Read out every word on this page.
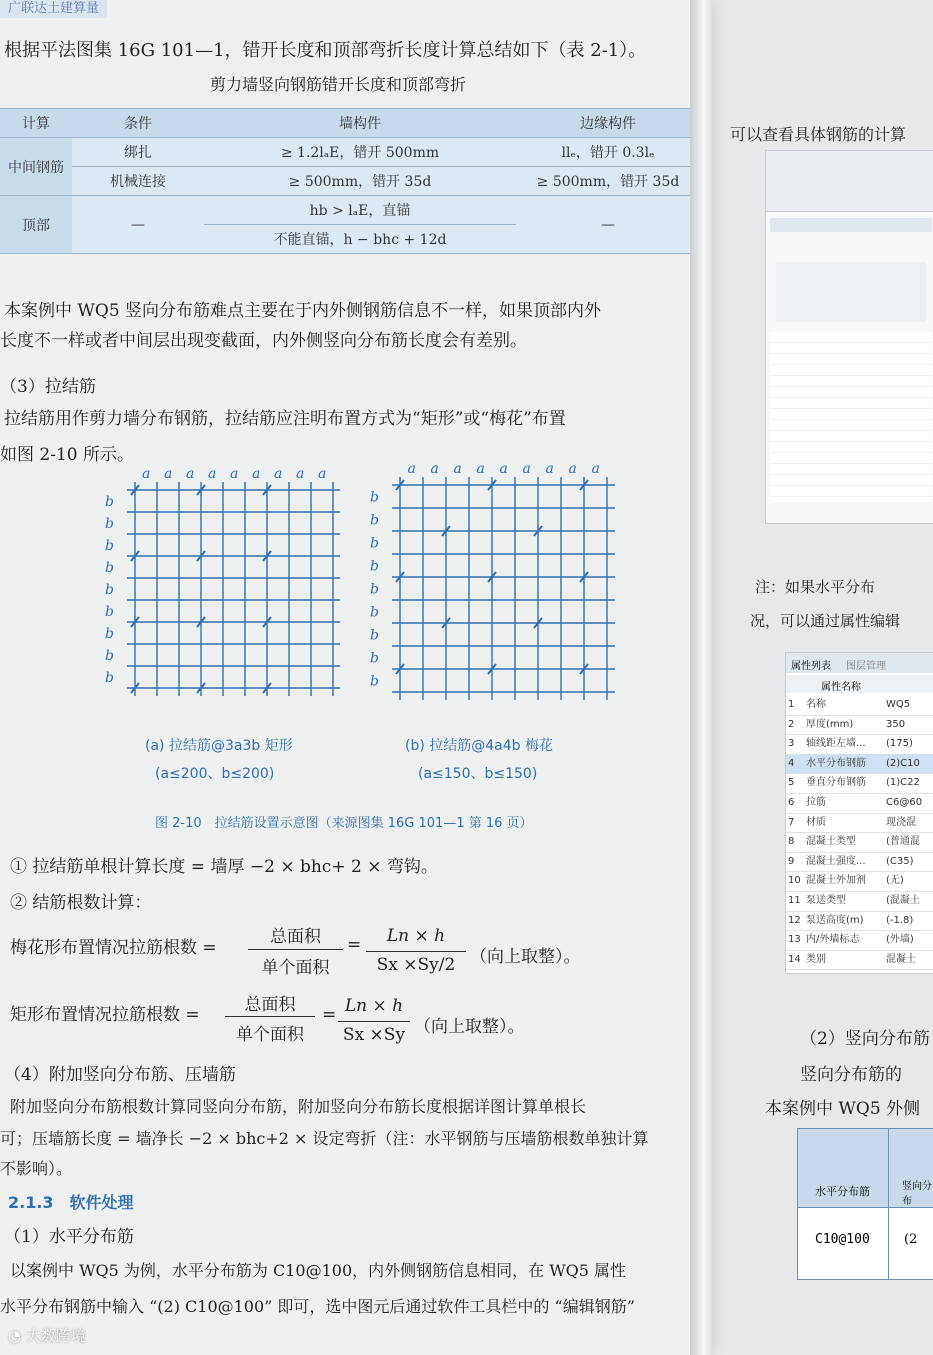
可以查看具体钢筋的计算
注：如果水平分布
况，可以通过属性编辑
属性列表 图层管理
属性名称
1 名称	WQ5
2 厚度(mm)	350
3 轴线距左墙... (175)
4 水平分布钢筋 (2)C10
5 垂直分布钢筋 (1)C22
6 拉筋	C6@60
7 材质	现浇混
8 混凝土类型	(普通混
9 混凝土强度... (C35)
10 混凝土外加剂 (无)
11 泵送类型	(混凝土
12 泵送高度(m) (-1.8)
13 内/外墙标志	(外墙)
14 类别	混凝土
（2）竖向分布筋
竖向分布筋的
本案例中 WQ5 外侧
水平分布筋	竖向分布
C10@100	(2
广联达土建算量
根据平法图集 16G 101—1，错开长度和顶部弯折长度计算总结如下（表 2-1）。
剪力墙竖向钢筋错开长度和顶部弯折
计算	条件	墙构件	边缘构件
中间钢筋	绑扎	≥ 1.2lₐE，错开 500mm	llₑ，错开 0.3lₑ
	机械连接	≥ 500mm，错开 35d	≥ 500mm，错开 35d
顶部	—	hb > lₐE，直锚	—
		不能直锚，h − bhc + 12d	
本案例中 WQ5 竖向分布筋难点主要在于内外侧钢筋信息不一样，如果顶部内外
长度不一样或者中间层出现变截面，内外侧竖向分布筋长度会有差别。
（3）拉结筋
拉结筋用作剪力墙分布钢筋，拉结筋应注明布置方式为“矩形”或“梅花”布置
如图 2-10 所示。
a
b
a
b
a
b
a
b
a
b
a
b
a
b
a
b
a
b
a
b
a
b
a
b
a
b
a
b
a
b
a
b
a
b
a
b
(a) 拉结筋@3a3b 矩形
(a≤200、b≤200)
(b) 拉结筋@4a4b 梅花
(a≤150、b≤150)
图 2-10　拉结筋设置示意图（来源图集 16G 101—1 第 16 页）
① 拉结筋单根计算长度 = 墙厚 −2 × bhc+ 2 × 弯钩。
② 结筋根数计算：
梅花形布置情况拉筋根数 =
总面积
单个面积
=	Ln × h
Sx ×Sy/2 （向上取整）。
矩形布置情况拉筋根数 =	总面积
单个面积
= Ln × h
Sx ×Sy （向上取整）。
（4）附加竖向分布筋、压墙筋
附加竖向分布筋根数计算同竖向分布筋，附加竖向分布筋长度根据详图计算单根长
可；压墙筋长度 = 墙净长 −2 × bhc+2 × 设定弯折（注：水平钢筋与压墙筋根数单独计算
不影响）。
2.1.3　软件处理
（1）水平分布筋
以案例中 WQ5 为例，水平分布筋为 C10@100，内外侧钢筋信息相同，在 WQ5 属性
水平分布钢筋中输入 “(2) C10@100” 即可，选中图元后通过软件工具栏中的 “编辑钢筋”
◔ 大数跨境
